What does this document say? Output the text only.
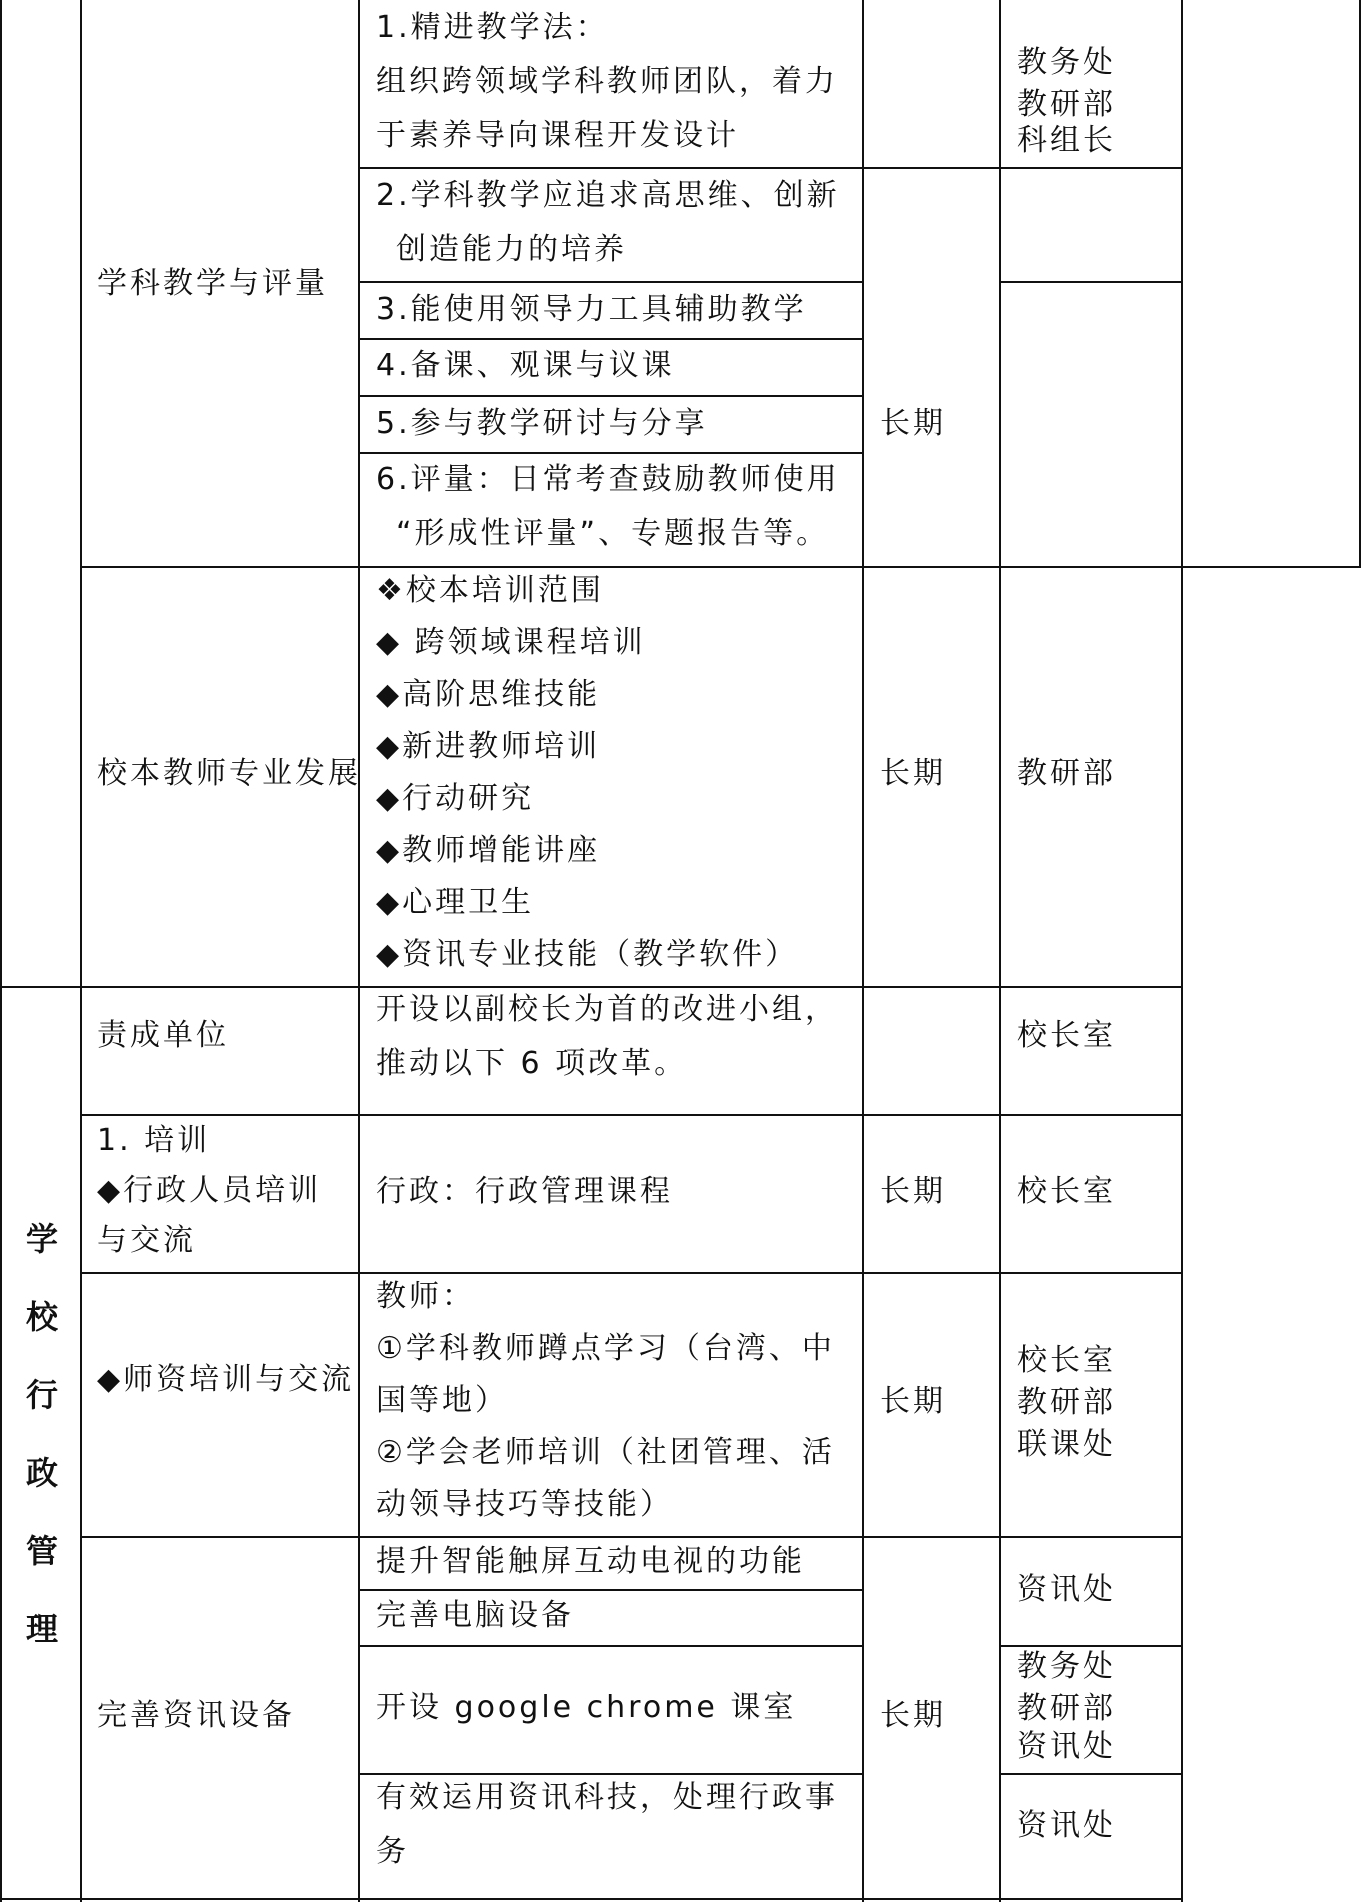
学科教学与评量
1.精进教学法：
组织跨领域学科教师团队，着力
于素养导向课程开发设计
2.学科教学应追求高思维、创新
创造能力的培养
3.能使用领导力工具辅助教学
4.备课、观课与议课
5.参与教学研讨与分享
6.评量：日常考查鼓励教师使用
“形成性评量”、专题报告等。
长期
教务处
教研部
科组长
校本教师专业发展
❖校本培训范围
◆ 跨领域课程培训
◆高阶思维技能
◆新进教师培训
◆行动研究
◆教师增能讲座
◆心理卫生
◆资讯专业技能（教学软件）
长期 教研部
学
校
行
政
管
理
责成单位
开设以副校长为首的改进小组，
推动以下 6 项改革。
校长室
1. 培训
◆行政人员培训
与交流
行政：行政管理课程	长期 校长室
◆师资培训与交流
教师：
①学科教师蹲点学习（台湾、中
国等地）
②学会老师培训（社团管理、活
动领导技巧等技能）
长期
校长室
教研部
联课处
完善资讯设备
提升智能触屏互动电视的功能
完善电脑设备
开设 google chrome 课室
有效运用资讯科技，处理行政事
务
长期
资讯处
教务处
教研部
资讯处
资讯处
